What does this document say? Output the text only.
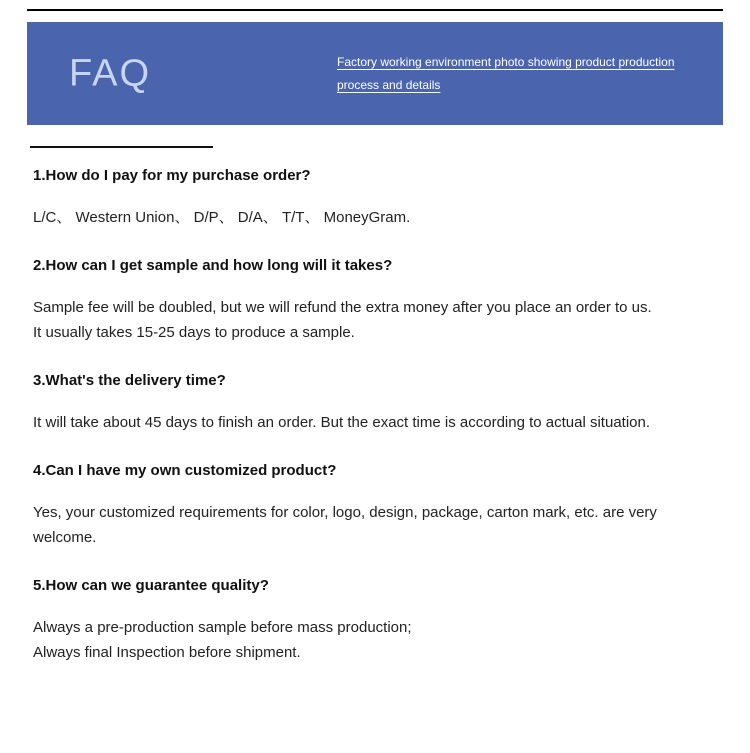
FAQ	Factory working environment photo showing product production
process and details
1.How do I pay for my purchase order?
L/C、 Western Union、 D/P、 D/A、 T/T、 MoneyGram.
2.How can I get sample and how long will it takes?
Sample fee will be doubled, but we will refund the extra money after you place an order to us.
It usually takes 15-25 days to produce a sample.
3.What's the delivery time?
It will take about 45 days to finish an order. But the exact time is according to actual situation.
4.Can I have my own customized product?
Yes, your customized requirements for color, logo, design, package, carton mark, etc. are very
welcome.
5.How can we guarantee quality?
Always a pre-production sample before mass production;
Always final Inspection before shipment.
